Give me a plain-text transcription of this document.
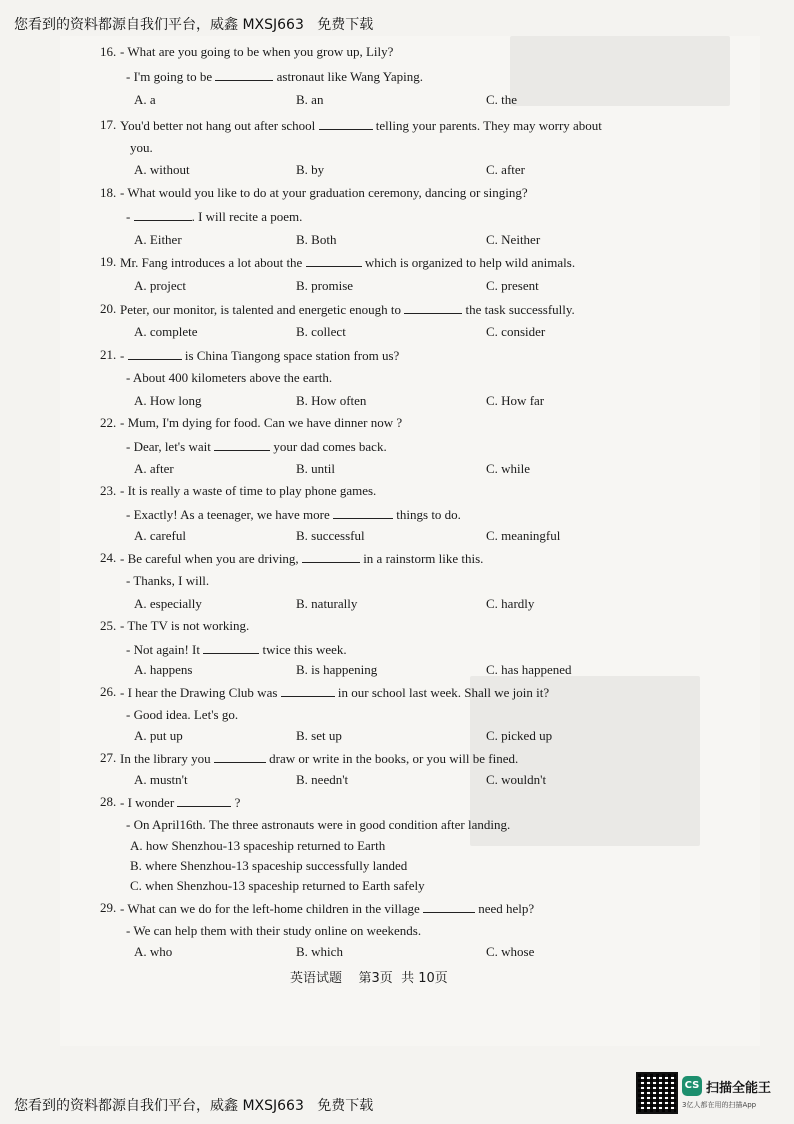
您看到的资料都源自我们平台，威鑫 MXSJ663   免费下载
16. - What are you going to be when you grow up, Lily?
- I'm going to be	astronaut like Wang Yaping.
A. a	B. an	C. the
17. You'd better not hang out after school	telling your parents. They may worry about
you.
A. without	B. by	C. after
18. - What would you like to do at your graduation ceremony, dancing or singing?
-	. I will recite a poem.
A. Either	B. Both	C. Neither
19. Mr. Fang introduces a lot about the	which is organized to help wild animals.
A. project	B. promise	C. present
20. Peter, our monitor, is talented and energetic enough to	the task successfully.
A. complete	B. collect	C. consider
21. -	is China Tiangong space station from us?
- About 400 kilometers above the earth.
A. How long	B. How often	C. How far
22. - Mum, I'm dying for food. Can we have dinner now ?
- Dear, let's wait	your dad comes back.
A. after	B. until	C. while
23. - It is really a waste of time to play phone games.
- Exactly! As a teenager, we have more	things to do.
A. careful	B. successful	C. meaningful
24. - Be careful when you are driving,	in a rainstorm like this.
- Thanks, I will.
A. especially	B. naturally	C. hardly
25. - The TV is not working.
- Not again! It	twice this week.
A. happens	B. is happening	C. has happened
26. - I hear the Drawing Club was	in our school last week. Shall we join it?
- Good idea. Let's go.
A. put up	B. set up	C. picked up
27. In the library you	draw or write in the books, or you will be fined.
A. mustn't	B. needn't	C. wouldn't
28. - I wonder	?
- On April16th. The three astronauts were in good condition after landing.
A. how Shenzhou-13 spaceship returned to Earth
B. where Shenzhou-13 spaceship successfully landed
C. when Shenzhou-13 spaceship returned to Earth safely
29. - What can we do for the left-home children in the village	need help?
- We can help them with their study online on weekends.
A. who	B. which	C. whose
英语试题    第3页  共 10页
您看到的资料都源自我们平台，威鑫 MXSJ663   免费下载
CS 扫描全能王
3亿人都在用的扫描App
